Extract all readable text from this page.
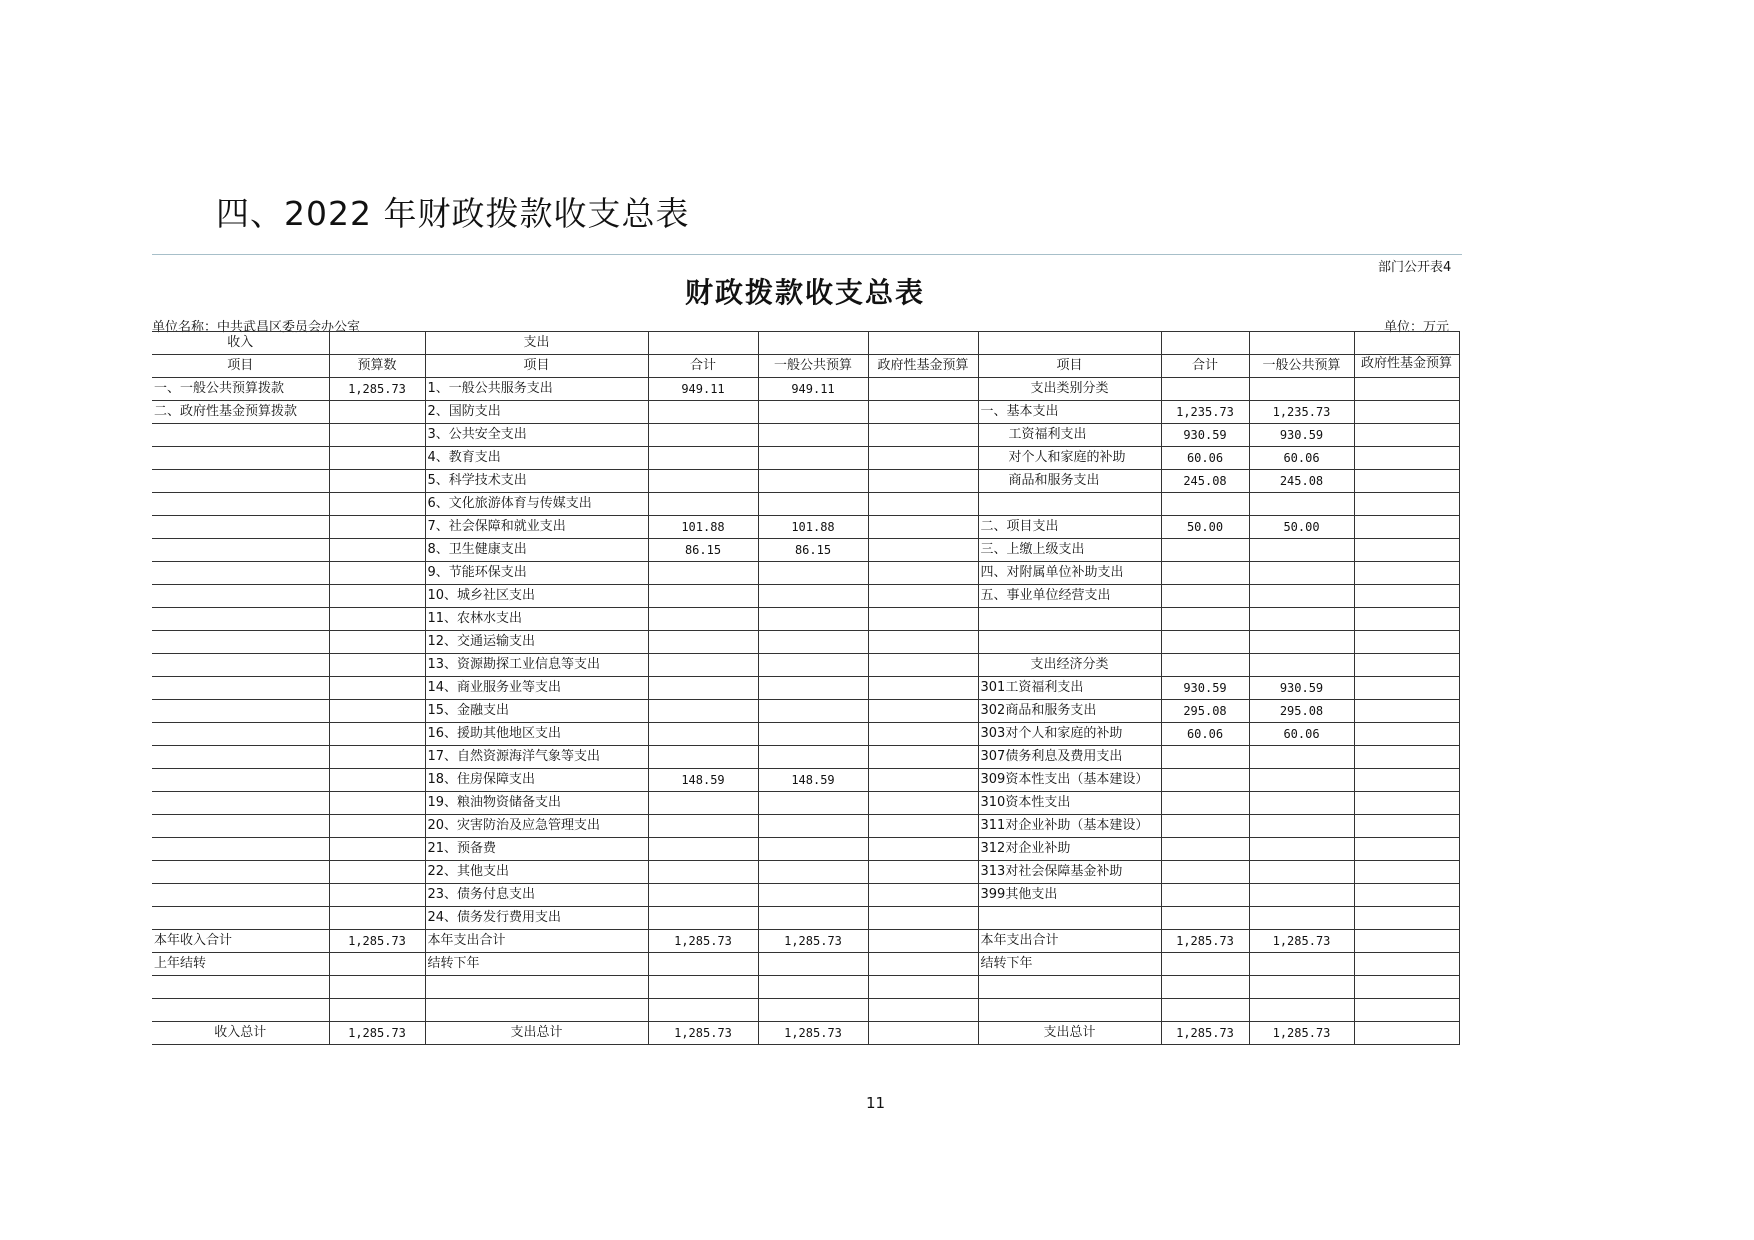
四、2022 年财政拨款收支总表
部门公开表4
财政拨款收支总表
单位名称：中共武昌区委员会办公室	单位：万元
收入		支出							
项目	预算数	项目	合计	一般公共预算	政府性基金预算	项目	合计	一般公共预算	政府性基金预算
一、一般公共预算拨款	1,285.73	1、一般公共服务支出	949.11	949.11		支出类别分类			
二、政府性基金预算拨款		2、国防支出				一、基本支出	1,235.73	1,235.73	
		3、公共安全支出				工资福利支出	930.59	930.59	
		4、教育支出				对个人和家庭的补助	60.06	60.06	
		5、科学技术支出				商品和服务支出	245.08	245.08	
		6、文化旅游体育与传媒支出							
		7、社会保障和就业支出	101.88	101.88		二、项目支出	50.00	50.00	
		8、卫生健康支出	86.15	86.15		三、上缴上级支出			
		9、节能环保支出				四、对附属单位补助支出			
		10、城乡社区支出				五、事业单位经营支出			
		11、农林水支出							
		12、交通运输支出							
		13、资源勘探工业信息等支出				支出经济分类			
		14、商业服务业等支出				301工资福利支出	930.59	930.59	
		15、金融支出				302商品和服务支出	295.08	295.08	
		16、援助其他地区支出				303对个人和家庭的补助	60.06	60.06	
		17、自然资源海洋气象等支出				307债务利息及费用支出			
		18、住房保障支出	148.59	148.59		309资本性支出（基本建设）			
		19、粮油物资储备支出				310资本性支出			
		20、灾害防治及应急管理支出				311对企业补助（基本建设）			
		21、预备费				312对企业补助			
		22、其他支出				313对社会保障基金补助			
		23、债务付息支出				399其他支出			
		24、债务发行费用支出							
本年收入合计	1,285.73	本年支出合计	1,285.73	1,285.73		本年支出合计	1,285.73	1,285.73	
上年结转		结转下年				结转下年			

收入总计	1,285.73	支出总计	1,285.73	1,285.73		支出总计	1,285.73	1,285.73	
11
